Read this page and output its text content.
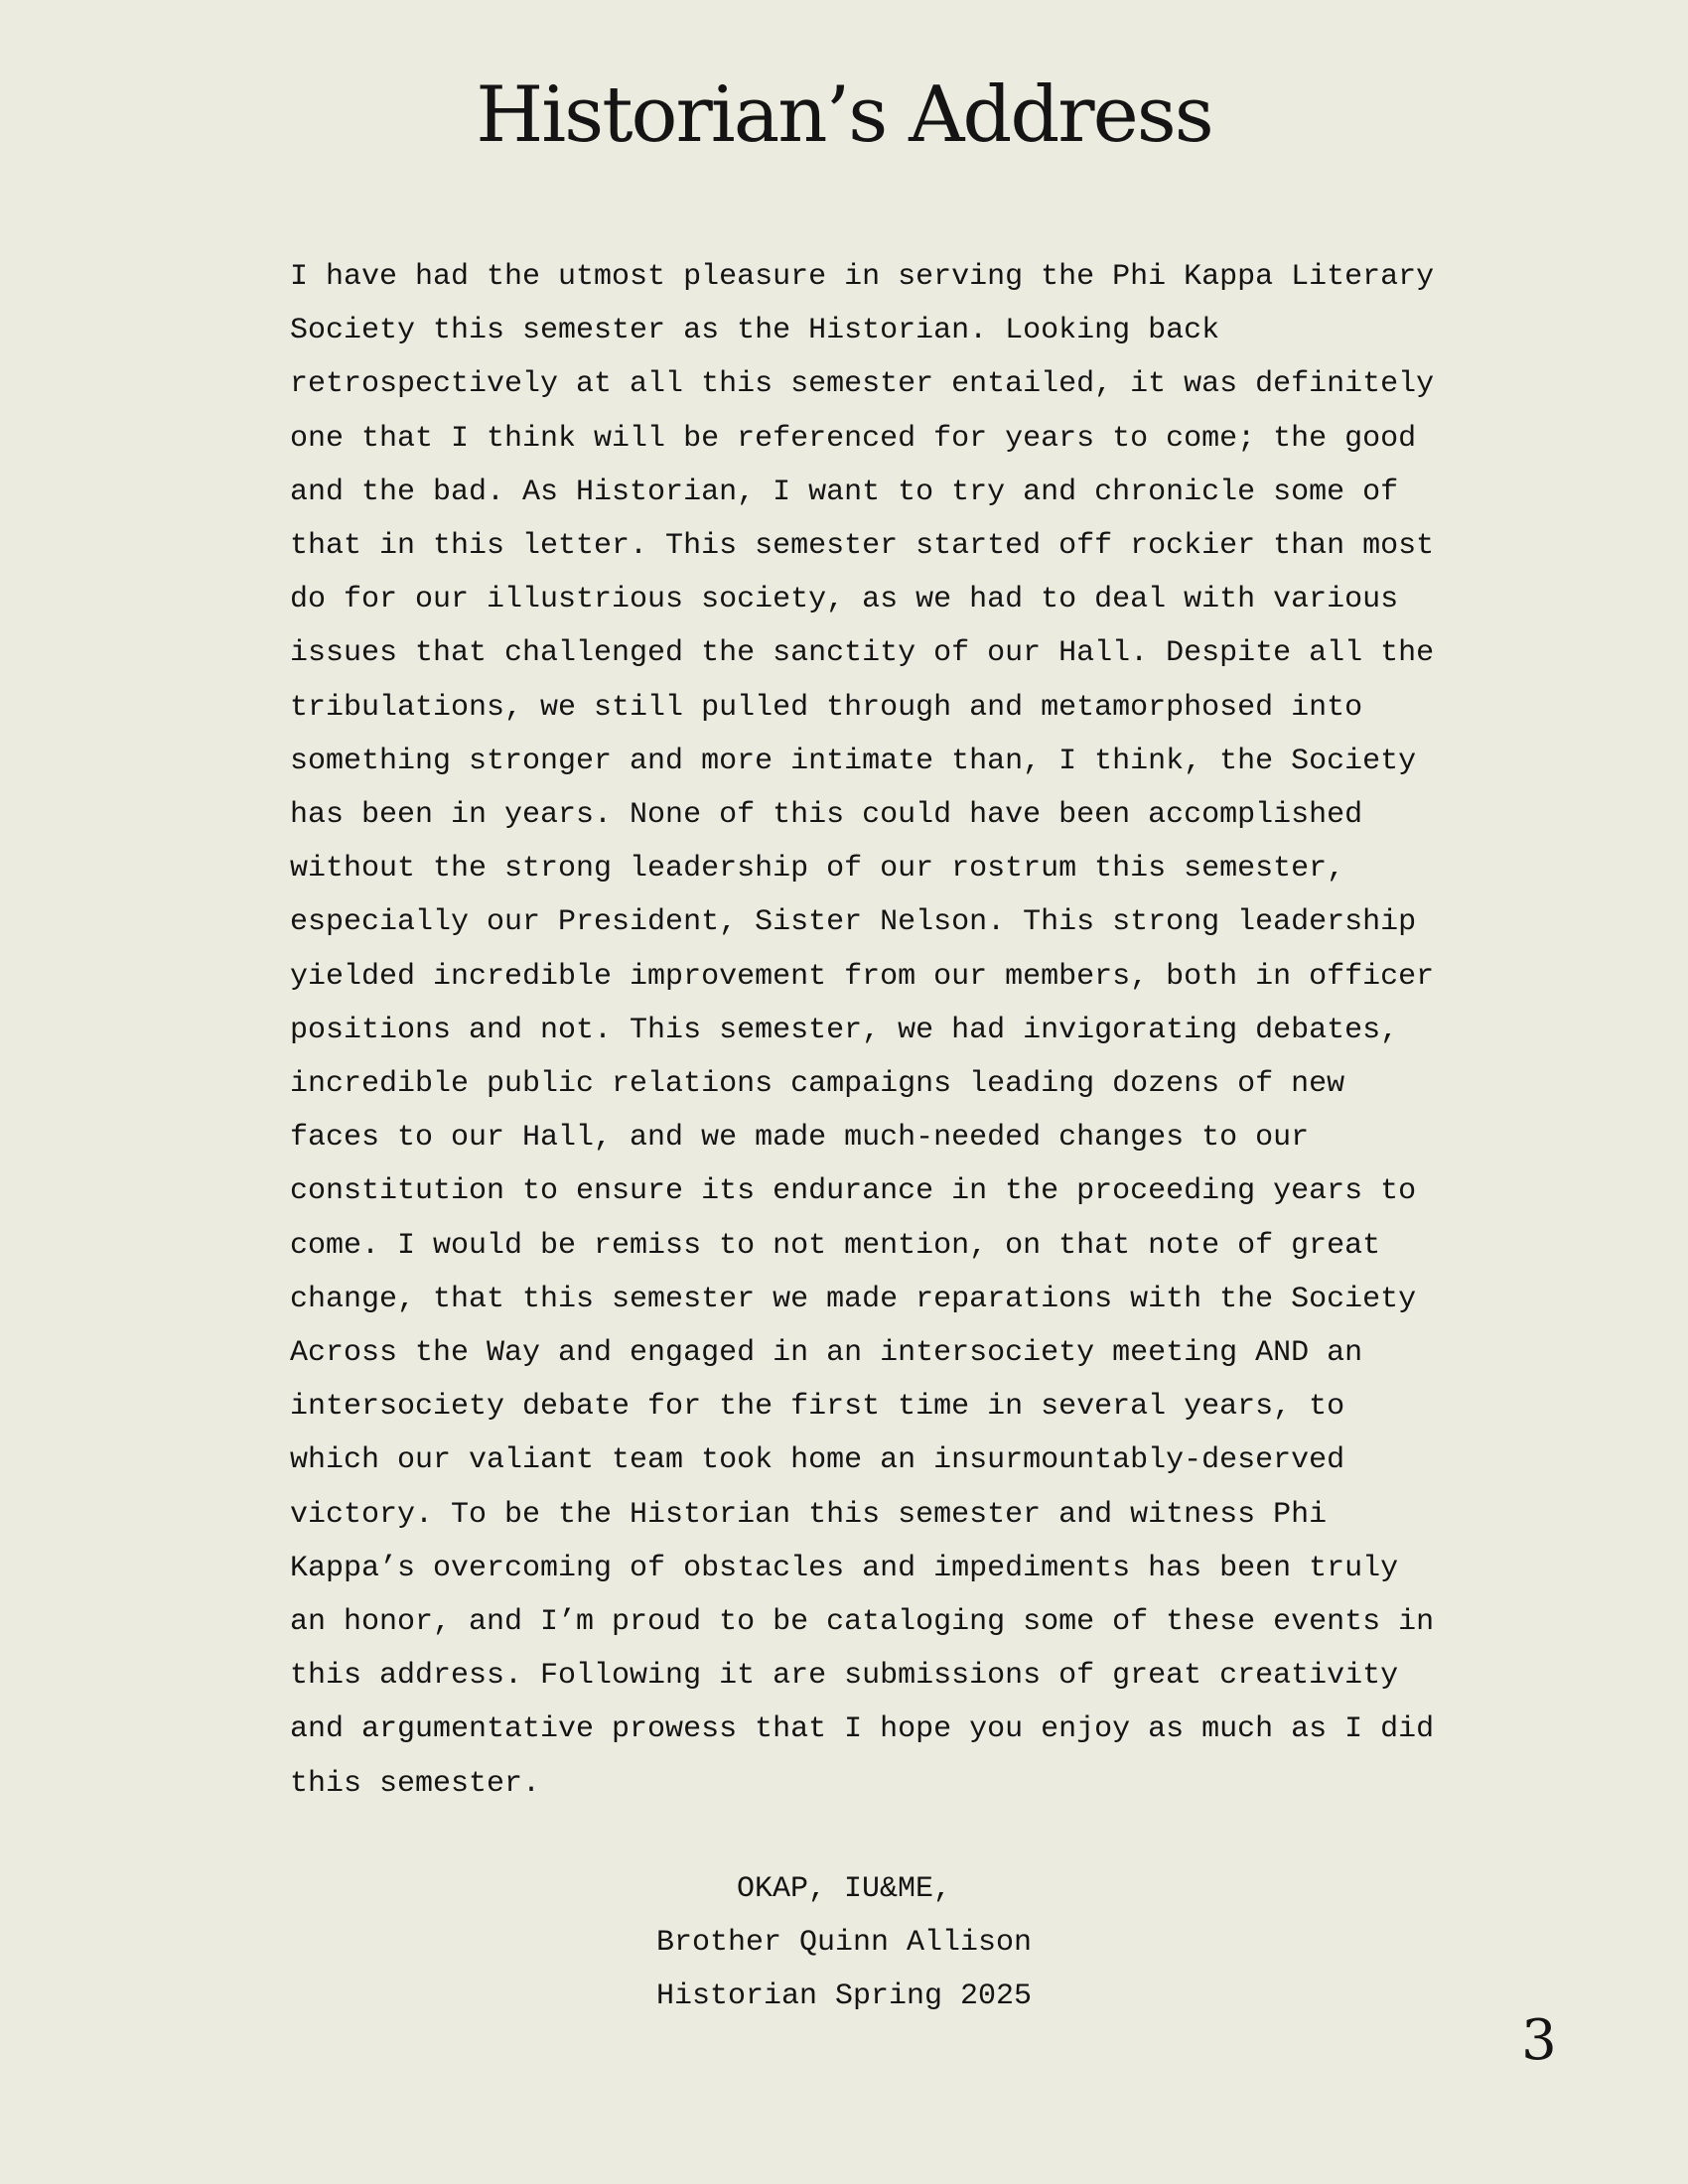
Historian’s Address
I have had the utmost pleasure in serving the Phi Kappa Literary
Society this semester as the Historian. Looking back
retrospectively at all this semester entailed, it was definitely
one that I think will be referenced for years to come; the good
and the bad. As Historian, I want to try and chronicle some of
that in this letter. This semester started off rockier than most
do for our illustrious society, as we had to deal with various
issues that challenged the sanctity of our Hall. Despite all the
tribulations, we still pulled through and metamorphosed into
something stronger and more intimate than, I think, the Society
has been in years. None of this could have been accomplished
without the strong leadership of our rostrum this semester,
especially our President, Sister Nelson. This strong leadership
yielded incredible improvement from our members, both in officer
positions and not. This semester, we had invigorating debates,
incredible public relations campaigns leading dozens of new
faces to our Hall, and we made much-needed changes to our
constitution to ensure its endurance in the proceeding years to
come. I would be remiss to not mention, on that note of great
change, that this semester we made reparations with the Society
Across the Way and engaged in an intersociety meeting AND an
intersociety debate for the first time in several years, to
which our valiant team took home an insurmountably-deserved
victory. To be the Historian this semester and witness Phi
Kappa’s overcoming of obstacles and impediments has been truly
an honor, and I’m proud to be cataloging some of these events in
this address. Following it are submissions of great creativity
and argumentative prowess that I hope you enjoy as much as I did
this semester.
OKAP, IU&ME,
Brother Quinn Allison
Historian Spring 2025
3
